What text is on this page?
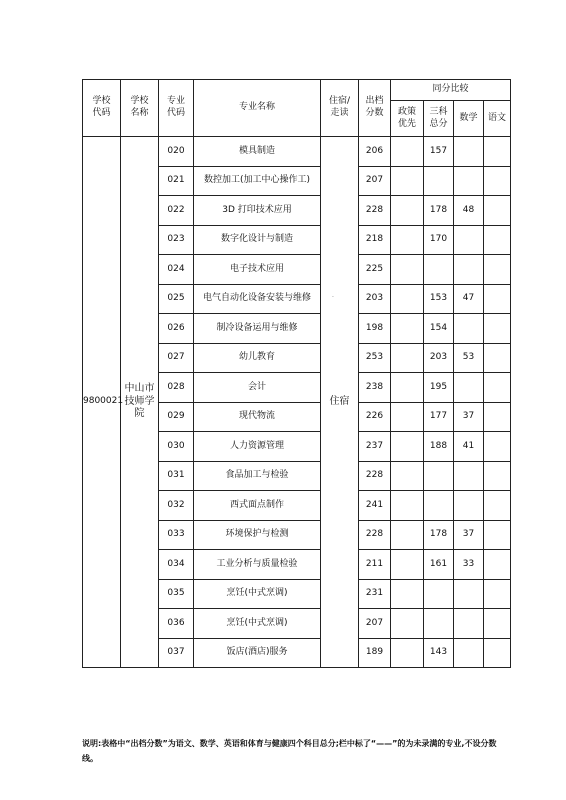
学校代码	学校名称	专业代码	专业名称	住宿/走读	出档分数	同分比较			
						政策优先	三科总分	数学	语文
9800021	中山市技师学院	020	模具制造	住宿	206		157		
		021	数控加工(加工中心操作工)		207				
		022	3D 打印技术应用		228		178	48	
		023	数字化设计与制造		218		170		
		024	电子技术应用		225				
		025	电气自动化设备安装与维修		203		153	47	
		026	制冷设备运用与维修		198		154		
		027	幼儿教育		253		203	53	
		028	会计		238		195		
		029	现代物流		226		177	37	
		030	人力资源管理		237		188	41	
		031	食品加工与检验		228				
		032	西式面点制作		241				
		033	环境保护与检测		228		178	37	
		034	工业分析与质量检验		211		161	33	
		035	烹饪(中式烹调)		231				
		036	烹饪(中式烹调)		207				
		037	饭店(酒店)服务		189		143		
·
说明:表格中“出档分数”为语文、数学、英语和体育与健康四个科目总分;栏中标了“——”的为未录满的专业,不设分数线。
